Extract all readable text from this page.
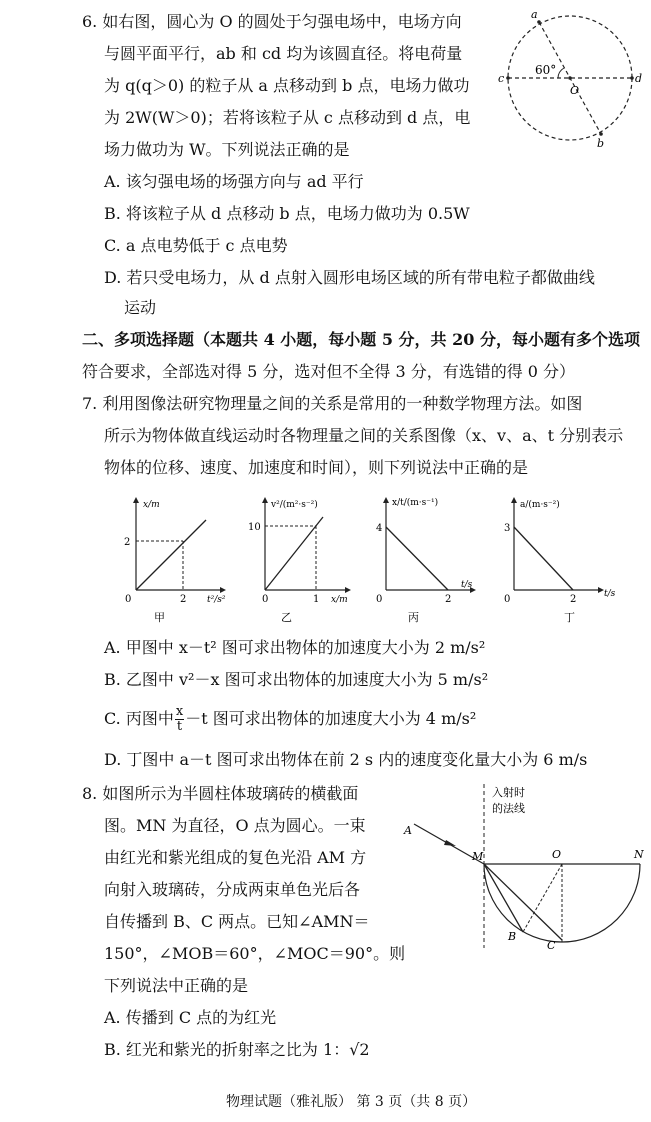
6. 如右图，圆心为 O 的圆处于匀强电场中，电场方向
与圆平面平行，ab 和 cd 均为该圆直径。将电荷量
为 q(q＞0) 的粒子从 a 点移动到 b 点，电场力做功
为 2W(W＞0)；若将该粒子从 c 点移动到 d 点，电
场力做功为 W。下列说法正确的是
A. 该匀强电场的场强方向与 ad 平行
B. 将该粒子从 d 点移动 b 点，电场力做功为 0.5W
C. a 点电势低于 c 点电势
D. 若只受电场力，从 d 点射入圆形电场区域的所有带电粒子都做曲线
运动
60°
O
a
b
c	d
二、多项选择题（本题共 4 小题，每小题 5 分，共 20 分，每小题有多个选项
符合要求，全部选对得 5 分，选对但不全得 3 分，有选错的得 0 分）
7. 利用图像法研究物理量之间的关系是常用的一种数学物理方法。如图
所示为物体做直线运动时各物理量之间的关系图像（x、v、a、t 分别表示
物体的位移、速度、加速度和时间），则下列说法中正确的是
x/m
2
0	2 t²/s²
甲
v²/(m²·s⁻²)
10
0	1 x/m
乙
x/t/(m·s⁻¹)
4
0	2
t/s
丙
a/(m·s⁻²)
3
0	2	t/s
丁
A. 甲图中 x－t² 图可求出物体的加速度大小为 2 m/s²
B. 乙图中 v²－x 图可求出物体的加速度大小为 5 m/s²
C. 丙图中 $\frac{x}{t} -t$ 图可求出物体的加速度大小为 4 m/s²
D. 丁图中 a－t 图可求出物体在前 2 s 内的速度变化量大小为 6 m/s
8. 如图所示为半圆柱体玻璃砖的横截面
图。MN 为直径，O 点为圆心。一束
由红光和紫光组成的复色光沿 AM 方
向射入玻璃砖，分成两束单色光后各
自传播到 B、C 两点。已知∠AMN＝
150°，∠MOB＝60°，∠MOC＝90°。则
下列说法中正确的是
A. 传播到 C 点的为红光
B. 红光和紫光的折射率之比为 1：√2
入射时
的法线
A
M	O	N
B
C
物理试题（雅礼版） 第 3 页（共 8 页）
